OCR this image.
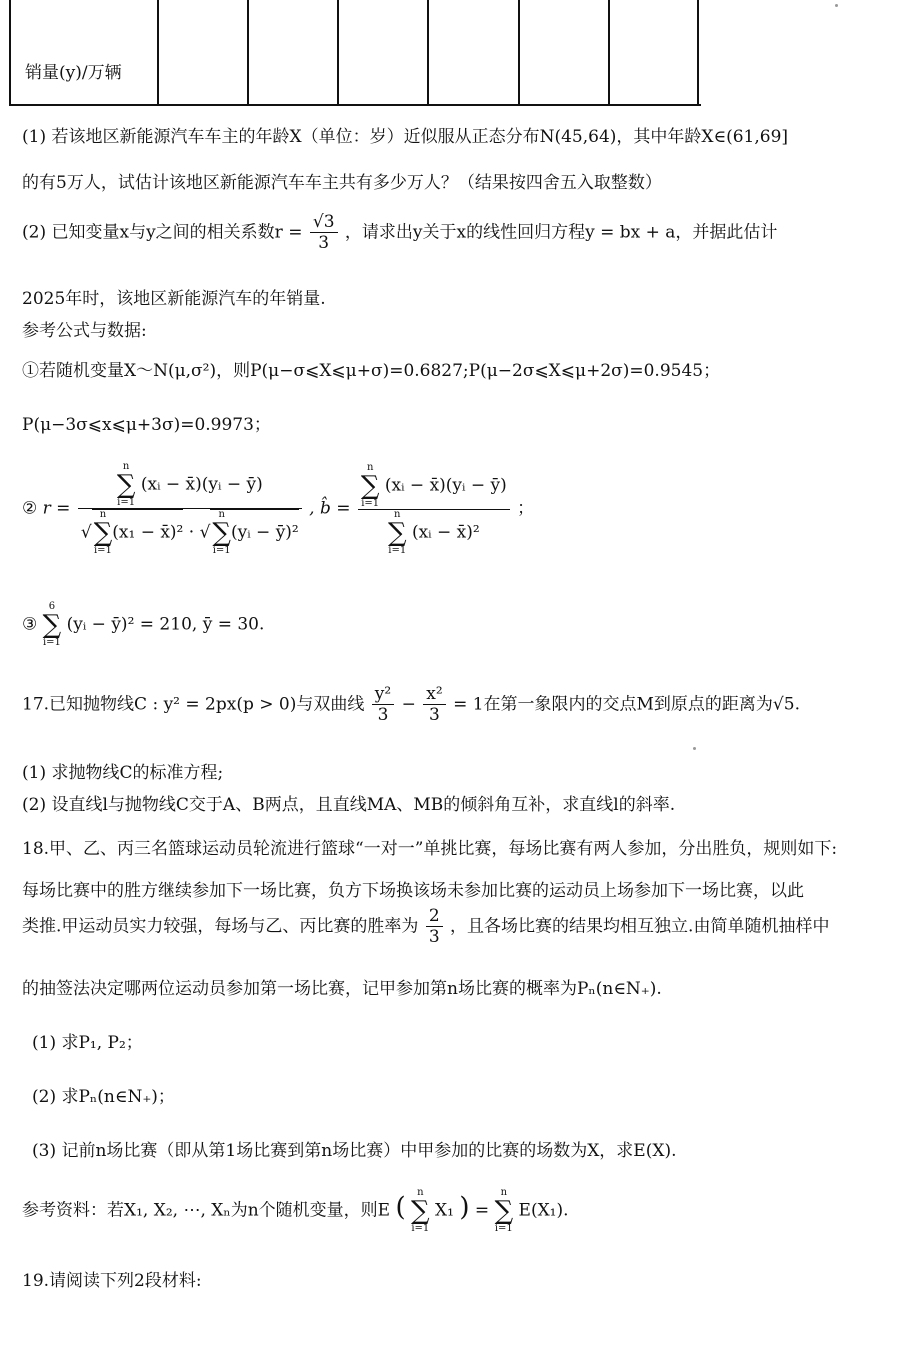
销量(y)/万辆
(1) 若该地区新能源汽车车主的年龄X（单位：岁）近似服从正态分布N(45,64)，其中年龄X∈(61,69]
的有5万人，试估计该地区新能源汽车车主共有多少万人？（结果按四舍五入取整数）
(2) 已知变量x与y之间的相关系数$r = \frac{√3}{3}$ ，请求出y关于x的线性回归方程y = bx + a，并据此估计
2025年时，该地区新能源汽车的年销量.
参考公式与数据:
①若随机变量X～N(μ,σ²)，则P(μ−σ⩽X⩽μ+σ)=0.6827;P(μ−2σ⩽X⩽μ+2σ)=0.9545；
P(μ−3σ⩽x⩽μ+3σ)=0.9973；
② r = n
∑
i=1
(xᵢ − x̄)(yᵢ − ȳ)
√
n
∑
i=1
(x₁ − x̄)² · √
n
∑
i=1
(yᵢ − ȳ)² , b̂ = n
∑
i=1
(xᵢ − x̄)(yᵢ − ȳ)
n
∑
i=1
(xᵢ − x̄)² ；
③
6
∑
i=1
(yᵢ − ȳ)² = 210, ȳ = 30.
17.已知抛物线C : y² = 2px(p > 0)与双曲线 $\frac{\text{y²}}{3} - \frac{\text{x²}}{3} = 1$在第一象限内的交点M到原点的距离为√5.
(1) 求抛物线C的标准方程;
(2) 设直线l与抛物线C交于A、B两点，且直线MA、MB的倾斜角互补，求直线l的斜率.
18.甲、乙、丙三名篮球运动员轮流进行篮球“一对一”单挑比赛，每场比赛有两人参加，分出胜负，规则如下:
每场比赛中的胜方继续参加下一场比赛，负方下场换该场未参加比赛的运动员上场参加下一场比赛，以此
类推.甲运动员实力较强，每场与乙、丙比赛的胜率为 $\frac{2}{3}$ ，且各场比赛的结果均相互独立.由简单随机抽样中
的抽签法决定哪两位运动员参加第一场比赛，记甲参加第n场比赛的概率为Pₙ(n∈N₊).
(1) 求P₁, P₂；
(2) 求Pₙ(n∈N₊)；
(3) 记前n场比赛（即从第1场比赛到第n场比赛）中甲参加的比赛的场数为X，求E(X).
参考资料：若X₁, X₂, ⋯, Xₙ为n个随机变量，则E (	n
∑
i=1
X₁ ) =
n
∑
i=1
E(X₁).
19.请阅读下列2段材料:
